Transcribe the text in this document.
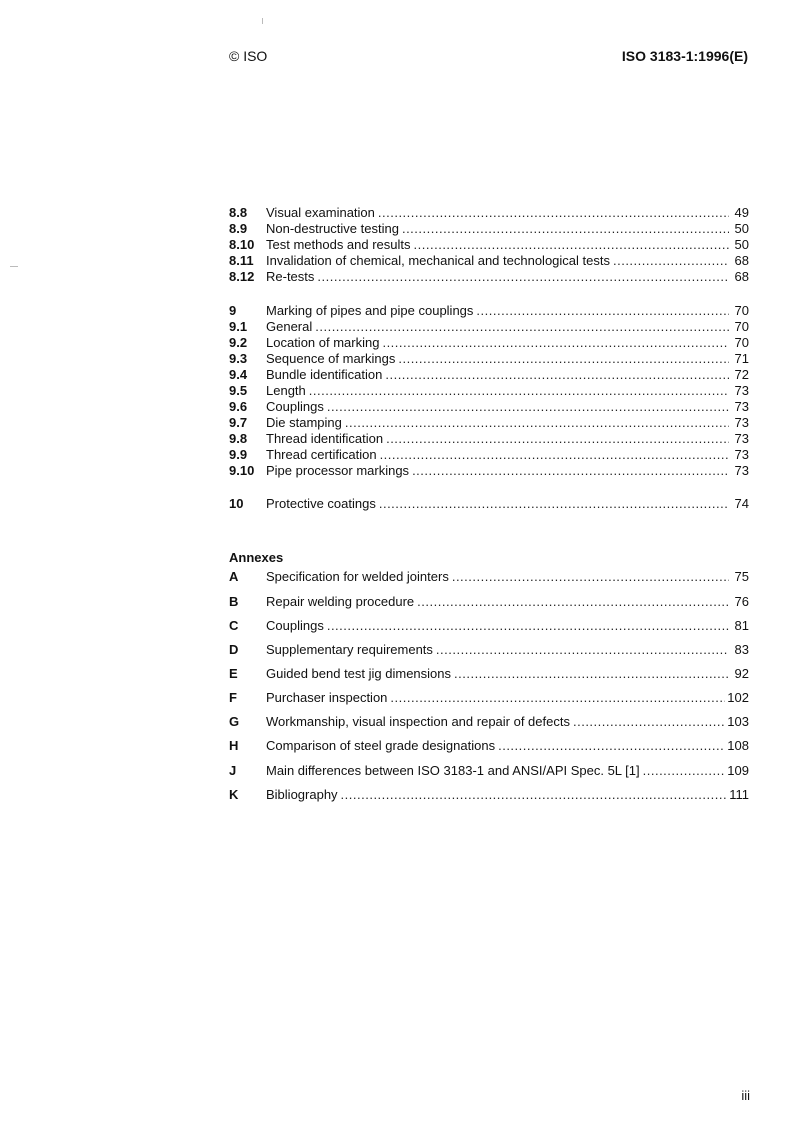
© ISO	ISO 3183-1:1996(E)
Annexes
8.8	Visual examination .....	49
8.9	Non-destructive testing .....	50
8.10 Test methods and results .....	50
8.11 Invalidation of chemical, mechanical and technological tests .....	68
8.12 Re-tests .....	68
9	Marking of pipes and pipe couplings .....	70
9.1	General .....	70
9.2	Location of marking .....	70
9.3	Sequence of markings .....	71
9.4	Bundle identification .....	72
9.5	Length .....	73
9.6	Couplings .....	73
9.7	Die stamping .....	73
9.8	Thread identification .....	73
9.9	Thread certification .....	73
9.10 Pipe processor markings .....	73
10	Protective coatings .....	74
A	Specification for welded jointers .....	75
B	Repair welding procedure .....	76
C	Couplings .....	81
D	Supplementary requirements .....	83
E	Guided bend test jig dimensions .....	92
F	Purchaser inspection .....	102
G	Workmanship, visual inspection and repair of defects .....	103
H	Comparison of steel grade designations .....	108
J	Main differences between ISO 3183-1 and ANSI/API Spec. 5L [1] .....	109
K	Bibliography .....	111
iii
